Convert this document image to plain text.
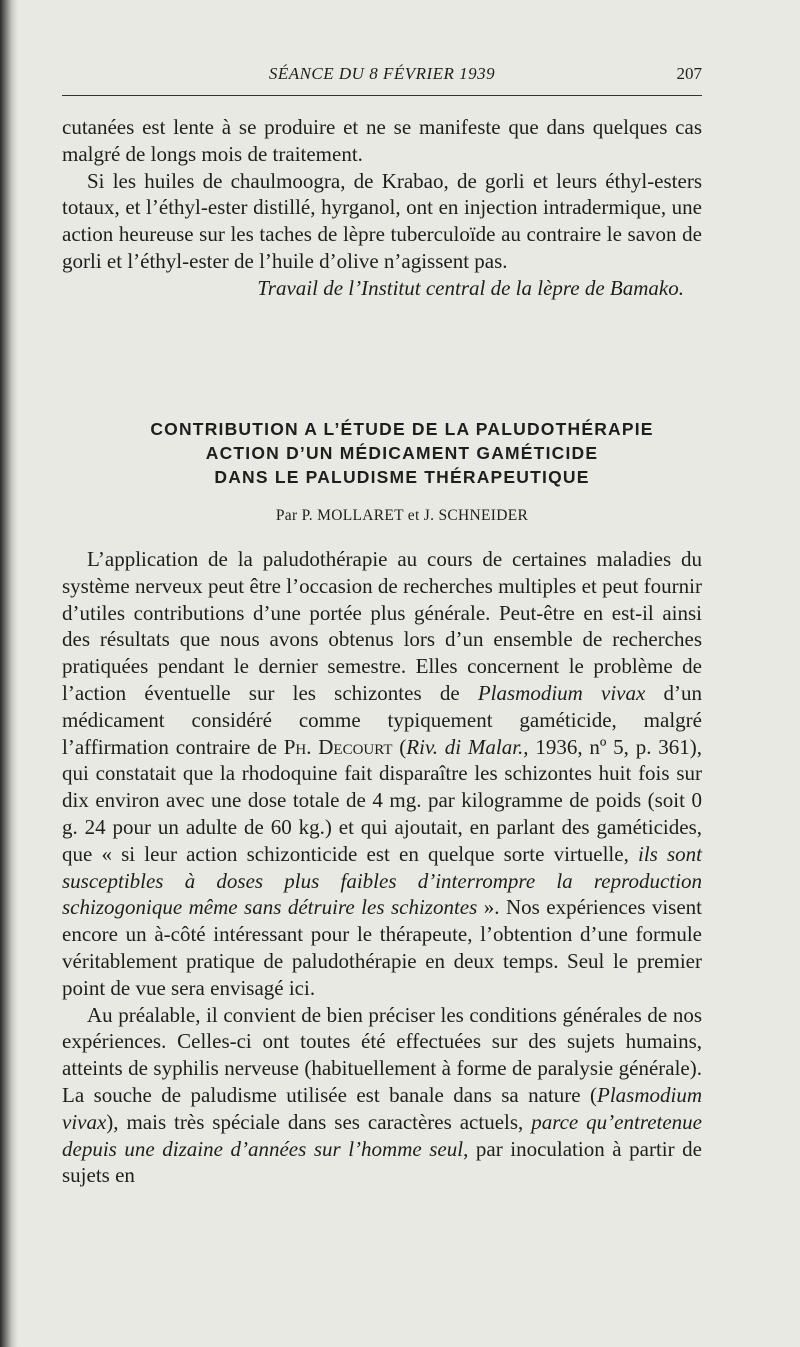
SÉANCE DU 8 FÉVRIER 1939	207

cutanées est lente à se produire et ne se manifeste que dans quelques cas malgré de longs mois de traitement.

Si les huiles de chaulmoogra, de Krabao, de gorli et leurs éthyl-esters totaux, et l’éthyl-ester distillé, hyrganol, ont en injection intradermique, une action heureuse sur les taches de lèpre tuberculoïde au contraire le savon de gorli et l’éthyl-ester de l’huile d’olive n’agissent pas.

Travail de l’Institut central de la lèpre de Bamako.

CONTRIBUTION A L’ÉTUDE DE LA PALUDOTHÉRAPIE
ACTION D’UN MÉDICAMENT GAMÉTICIDE
DANS LE PALUDISME THÉRAPEUTIQUE
Par P. MOLLARET et J. SCHNEIDER

L’application de la paludothérapie au cours de certaines maladies du système nerveux peut être l’occasion de recherches multiples et peut fournir d’utiles contributions d’une portée plus générale. Peut-être en est-il ainsi des résultats que nous avons obtenus lors d’un ensemble de recherches pratiquées pendant le dernier semestre. Elles concernent le problème de l’action éventuelle sur les schizontes de Plasmodium vivax d’un médicament considéré comme typiquement gaméticide, malgré l’affirmation contraire de Ph. Decourt (Riv. di Malar., 1936, nº 5, p. 361), qui constatait que la rhodoquine fait disparaître les schizontes huit fois sur dix environ avec une dose totale de 4 mg. par kilogramme de poids (soit 0 g. 24 pour un adulte de 60 kg.) et qui ajoutait, en parlant des gaméticides, que « si leur action schizonticide est en quelque sorte virtuelle, ils sont susceptibles à doses plus faibles d’interrompre la reproduction schizogonique même sans détruire les schizontes ». Nos expériences visent encore un à-côté intéressant pour le thérapeute, l’obtention d’une formule véritablement pratique de paludothérapie en deux temps. Seul le premier point de vue sera envisagé ici.

Au préalable, il convient de bien préciser les conditions générales de nos expériences. Celles-ci ont toutes été effectuées sur des sujets humains, atteints de syphilis nerveuse (habituellement à forme de paralysie générale). La souche de paludisme utilisée est banale dans sa nature (Plasmodium vivax), mais très spéciale dans ses caractères actuels, parce qu’entretenue depuis une dizaine d’années sur l’homme seul, par inoculation à partir de sujets en
